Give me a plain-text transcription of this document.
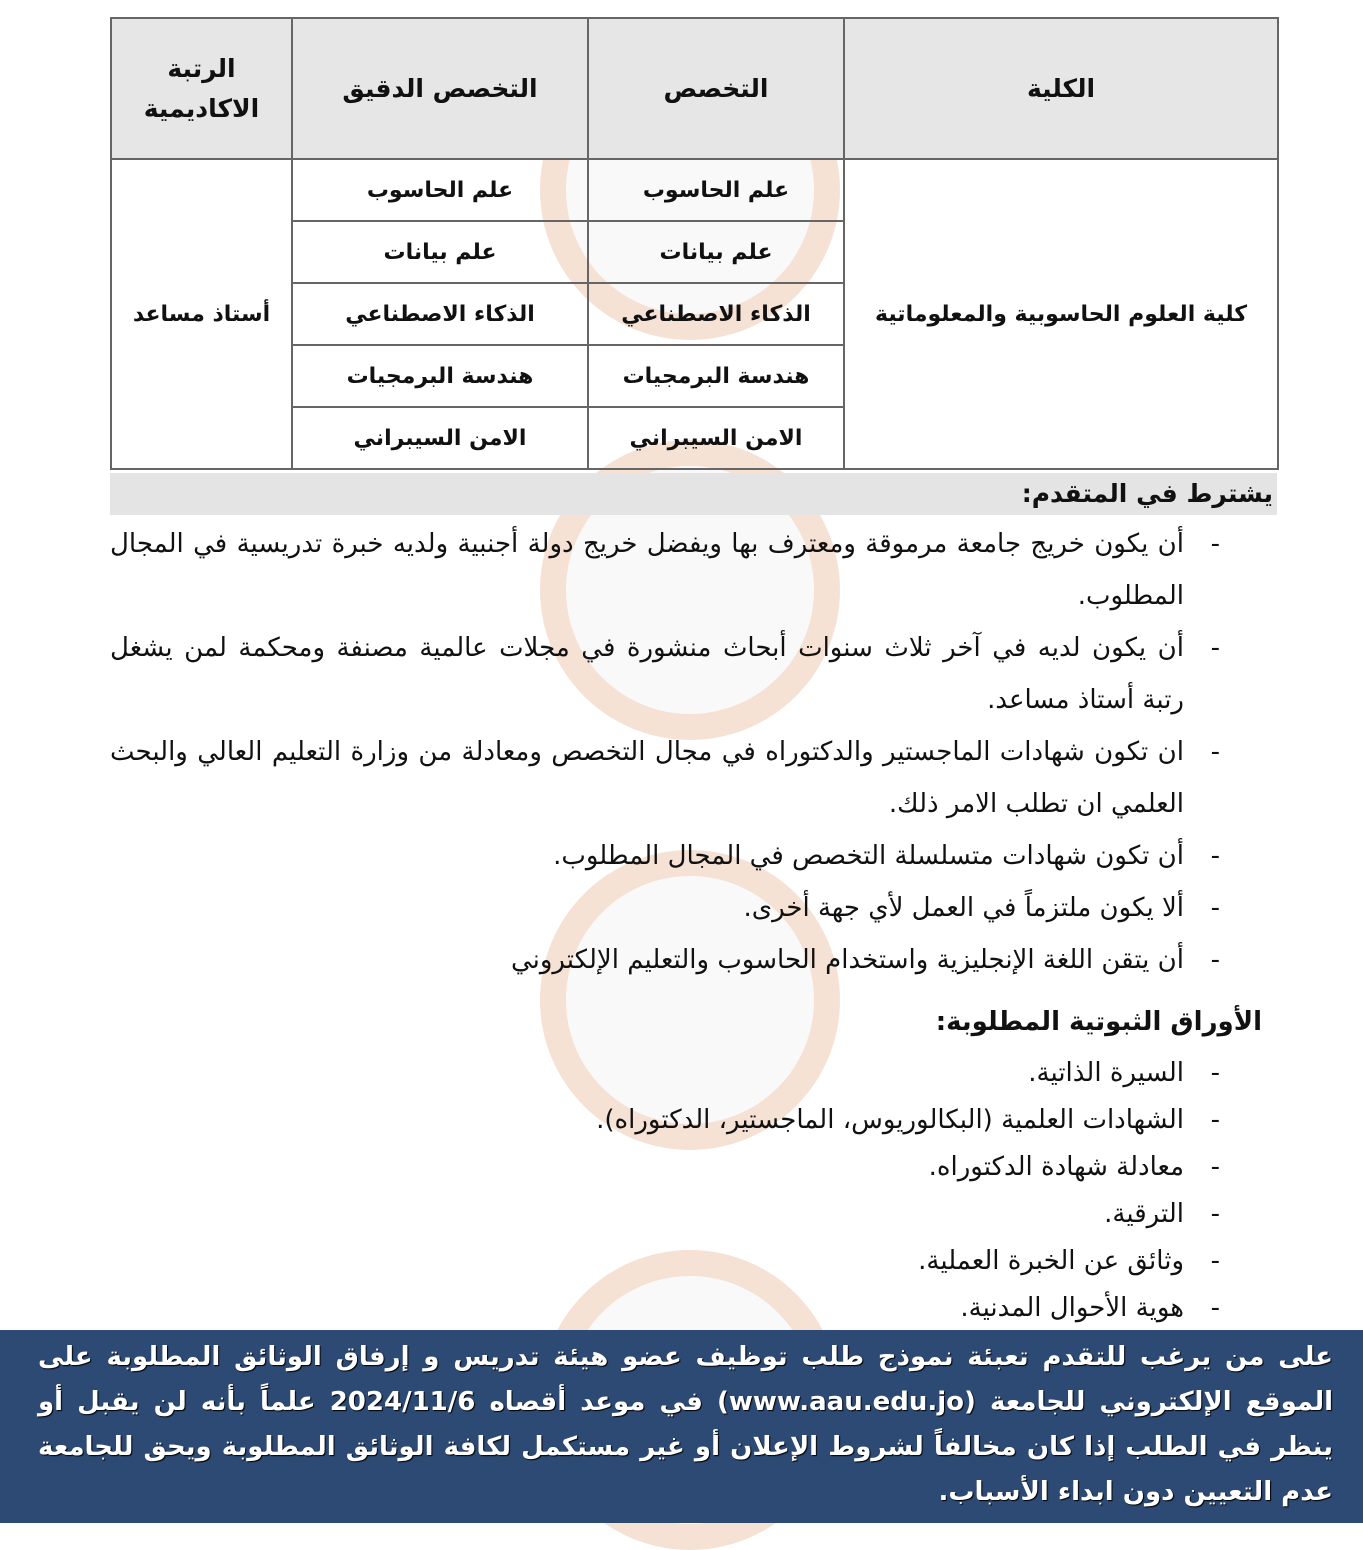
الكلية	التخصص	التخصص الدقيق	الرتبة الاكاديمية
كلية العلوم الحاسوبية والمعلوماتية	علم الحاسوب	علم الحاسوب	أستاذ مساعد
	علم بيانات	علم بيانات	
	الذكاء الاصطناعي	الذكاء الاصطناعي	
	هندسة البرمجيات	هندسة البرمجيات	
	الامن السيبراني	الامن السيبراني	
يشترط في المتقدم:
- أن يكون خريج جامعة مرموقة ومعترف بها ويفضل خريج دولة أجنبية ولديه خبرة تدريسية في المجال المطلوب.
- أن يكون لديه في آخر ثلاث سنوات أبحاث منشورة في مجلات عالمية مصنفة ومحكمة لمن يشغل رتبة أستاذ مساعد.
- ان تكون شهادات الماجستير والدكتوراه في مجال التخصص ومعادلة من وزارة التعليم العالي والبحث العلمي ان تطلب الامر ذلك.
- أن تكون شهادات متسلسلة التخصص في المجال المطلوب.
- ألا يكون ملتزماً في العمل لأي جهة أخرى.
- أن يتقن اللغة الإنجليزية واستخدام الحاسوب والتعليم الإلكتروني
الأوراق الثبوتية المطلوبة:
- السيرة الذاتية.
- الشهادات العلمية (البكالوريوس، الماجستير، الدكتوراه).
- معادلة شهادة الدكتوراه.
- الترقية.
- وثائق عن الخبرة العملية.
- هوية الأحوال المدنية.
على من يرغب للتقدم تعبئة نموذج طلب توظيف عضو هيئة تدريس و إرفاق الوثائق المطلوبة على الموقع الإلكتروني للجامعة (www.aau.edu.jo) في موعد أقصاه 2024/11/6 علماً بأنه لن يقبل أو ينظر في الطلب إذا كان مخالفاً لشروط الإعلان أو غير مستكمل لكافة الوثائق المطلوبة ويحق للجامعة عدم التعيين دون ابداء الأسباب.
